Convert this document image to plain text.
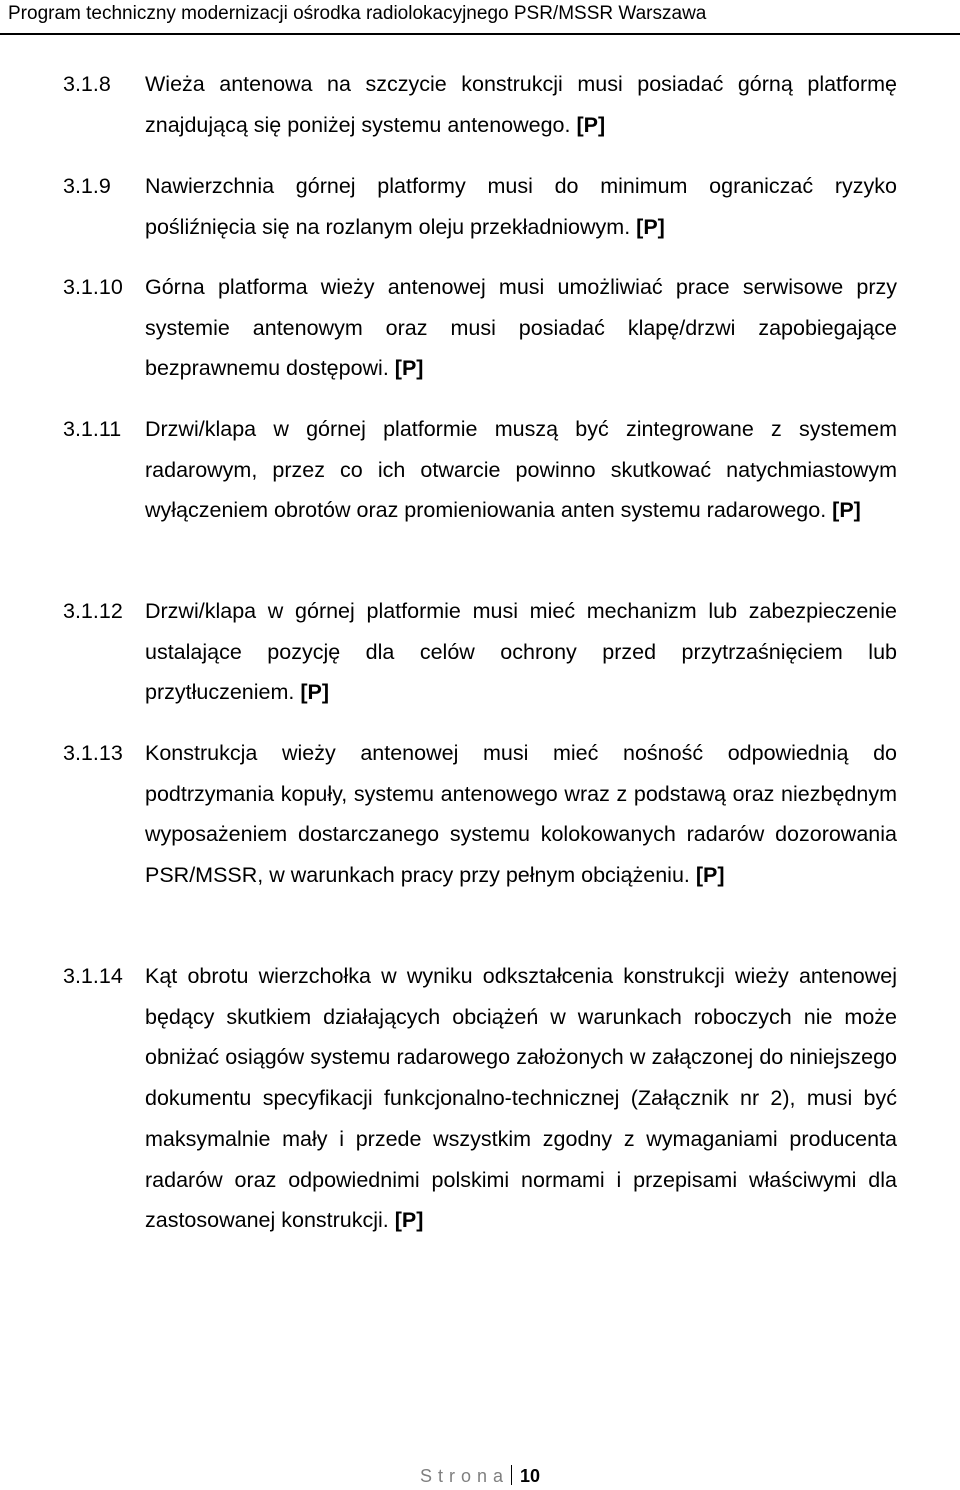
Program techniczny modernizacji ośrodka radiolokacyjnego PSR/MSSR Warszawa
3.1.8 Wieża antenowa na szczycie konstrukcji musi posiadać górną platformę znajdującą się poniżej systemu antenowego. [P]
3.1.9 Nawierzchnia górnej platformy musi do minimum ograniczać ryzyko pośliźnięcia się na rozlanym oleju przekładniowym. [P]
3.1.10 Górna platforma wieży antenowej musi umożliwiać prace serwisowe przy systemie antenowym oraz musi posiadać klapę/drzwi zapobiegające bezprawnemu dostępowi. [P]
3.1.11 Drzwi/klapa w górnej platformie muszą być zintegrowane z systemem radarowym, przez co ich otwarcie powinno skutkować natychmiastowym wyłączeniem obrotów oraz promieniowania anten systemu radarowego. [P]
3.1.12 Drzwi/klapa w górnej platformie musi mieć mechanizm lub zabezpieczenie ustalające pozycję dla celów ochrony przed przytrzaśnięciem lub przytłuczeniem. [P]
3.1.13 Konstrukcja wieży antenowej musi mieć nośność odpowiednią do podtrzymania kopuły, systemu antenowego wraz z podstawą oraz niezbędnym wyposażeniem dostarczanego systemu kolokowanych radarów dozorowania PSR/MSSR, w warunkach pracy przy pełnym obciążeniu. [P]
3.1.14 Kąt obrotu wierzchołka w wyniku odkształcenia konstrukcji wieży antenowej będący skutkiem działających obciążeń w warunkach roboczych nie może obniżać osiągów systemu radarowego założonych w załączonej do niniejszego dokumentu specyfikacji funkcjonalno-technicznej (Załącznik nr 2), musi być maksymalnie mały i przede wszystkim zgodny z wymaganiami producenta radarów oraz odpowiednimi polskimi normami i przepisami właściwymi dla zastosowanej konstrukcji. [P]
Strona 10
